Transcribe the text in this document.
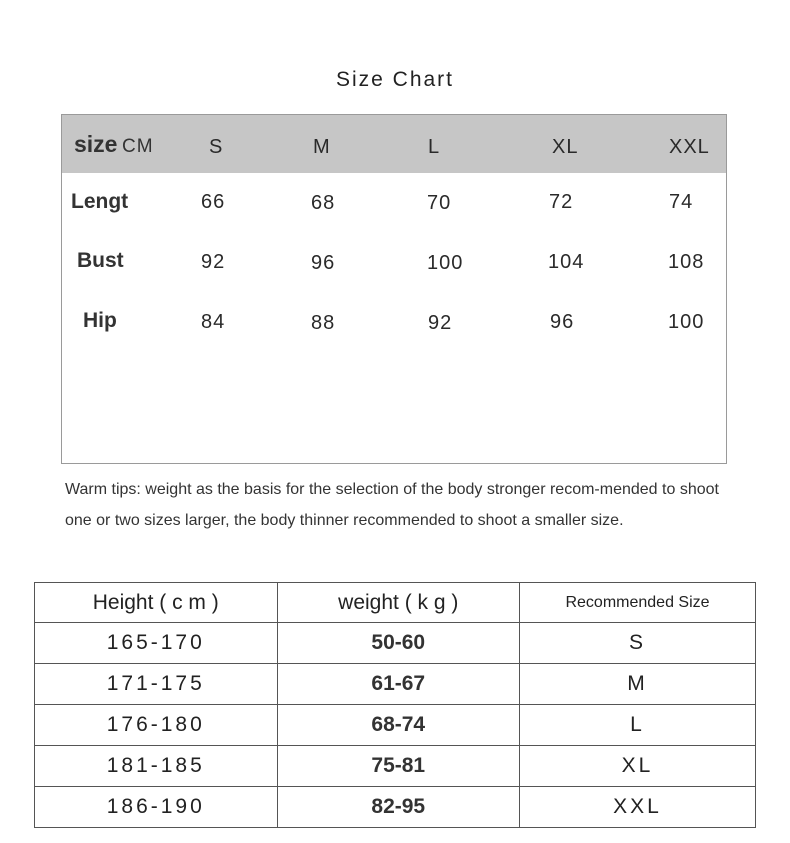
Size Chart
size CM	S	M	L	XL	XXL
Lengt	66	68	70	72	74
Bust	92	96	100	104	108
Hip	84	88	92	96	100
Warm tips: weight as the basis for the selection of the body stronger recom-mended to shoot one or two sizes larger, the body thinner recommended to shoot a smaller size.
Height ( c m )	weight ( k g )	Recommended Size
165-170	50-60	S
171-175	61-67	M
176-180	68-74	L
181-185	75-81	XL
186-190	82-95	XXL
